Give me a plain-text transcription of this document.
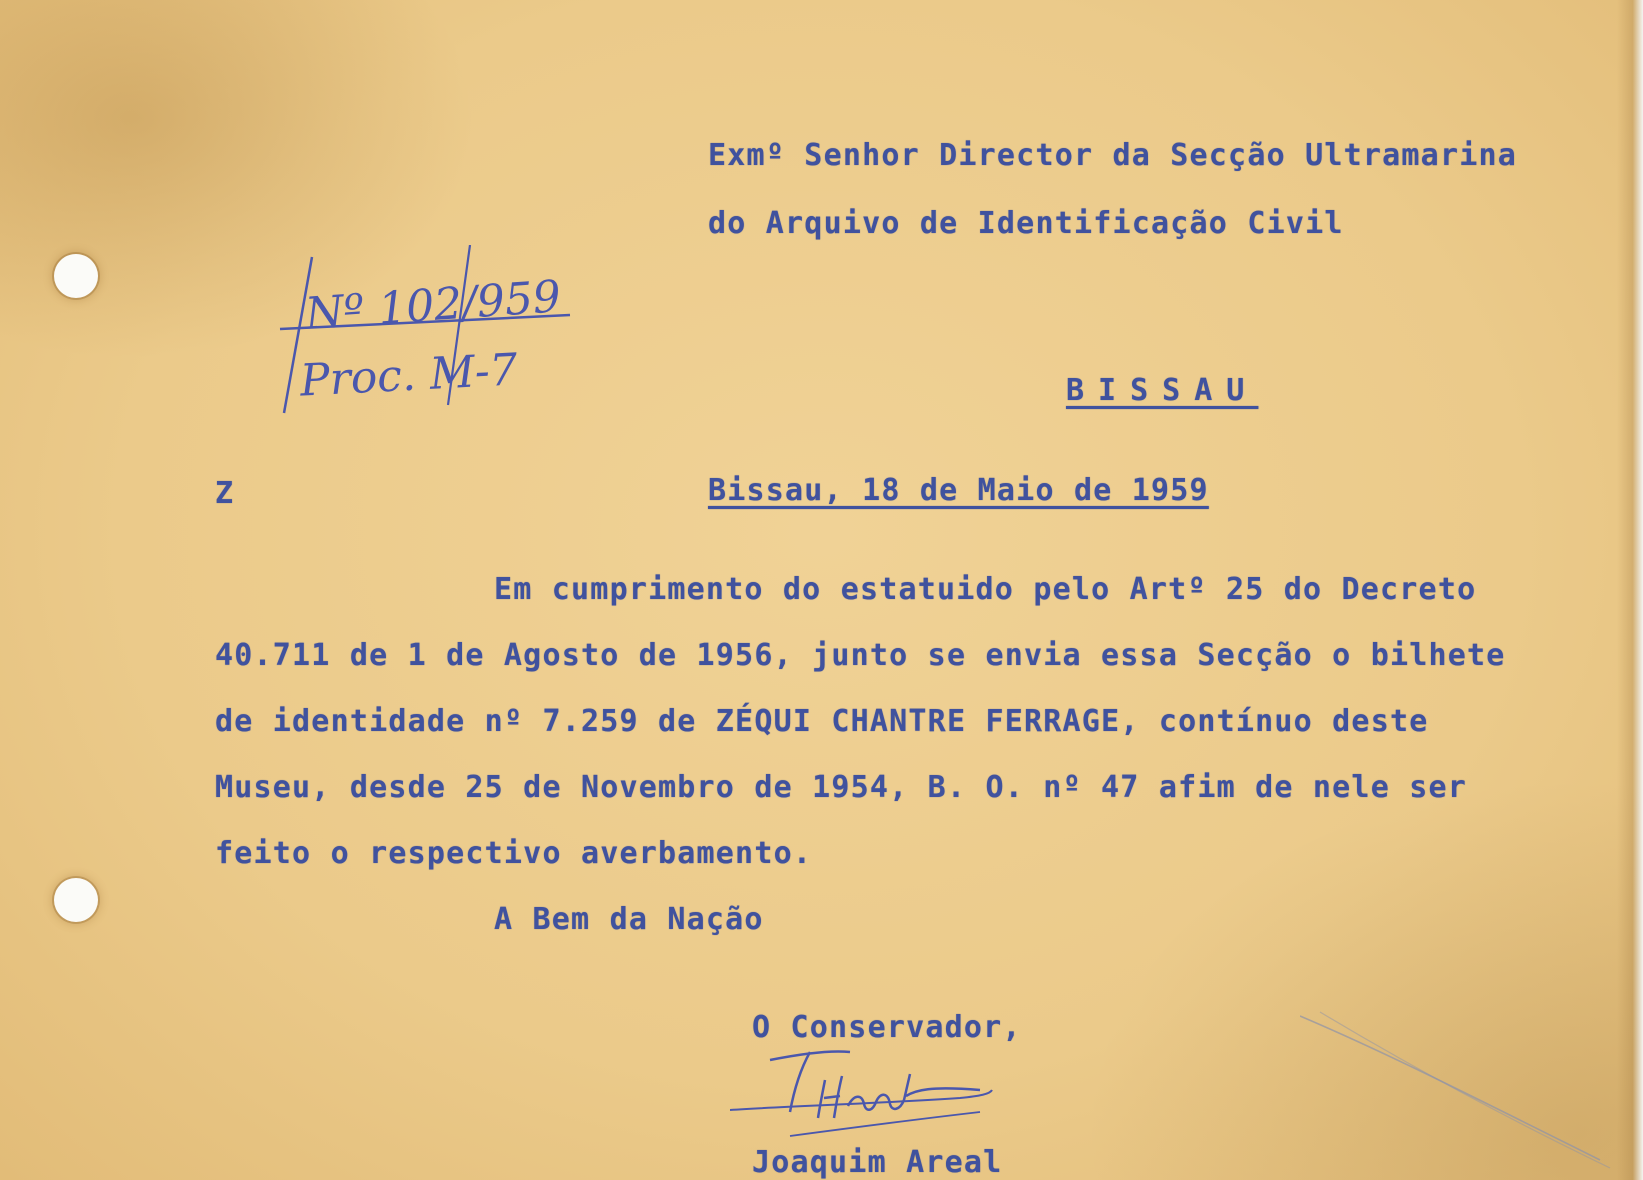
Exmº Senhor Director da Secção Ultramarina
do Arquivo de Identificação Civil
Nº 102/959
Proc. M-7	BISSAU
Z	Bissau, 18 de Maio de 1959
Em cumprimento do estatuido pelo Artº 25 do Decreto
40.711 de 1 de Agosto de 1956, junto se envia essa Secção o bilhete
de identidade nº 7.259 de ZÉQUI CHANTRE FERRAGE, contínuo deste
Museu, desde 25 de Novembro de 1954, B. O. nº 47 afim de nele ser
feito o respectivo averbamento.
A Bem da Nação
O Conservador,
Joaquim Areal
